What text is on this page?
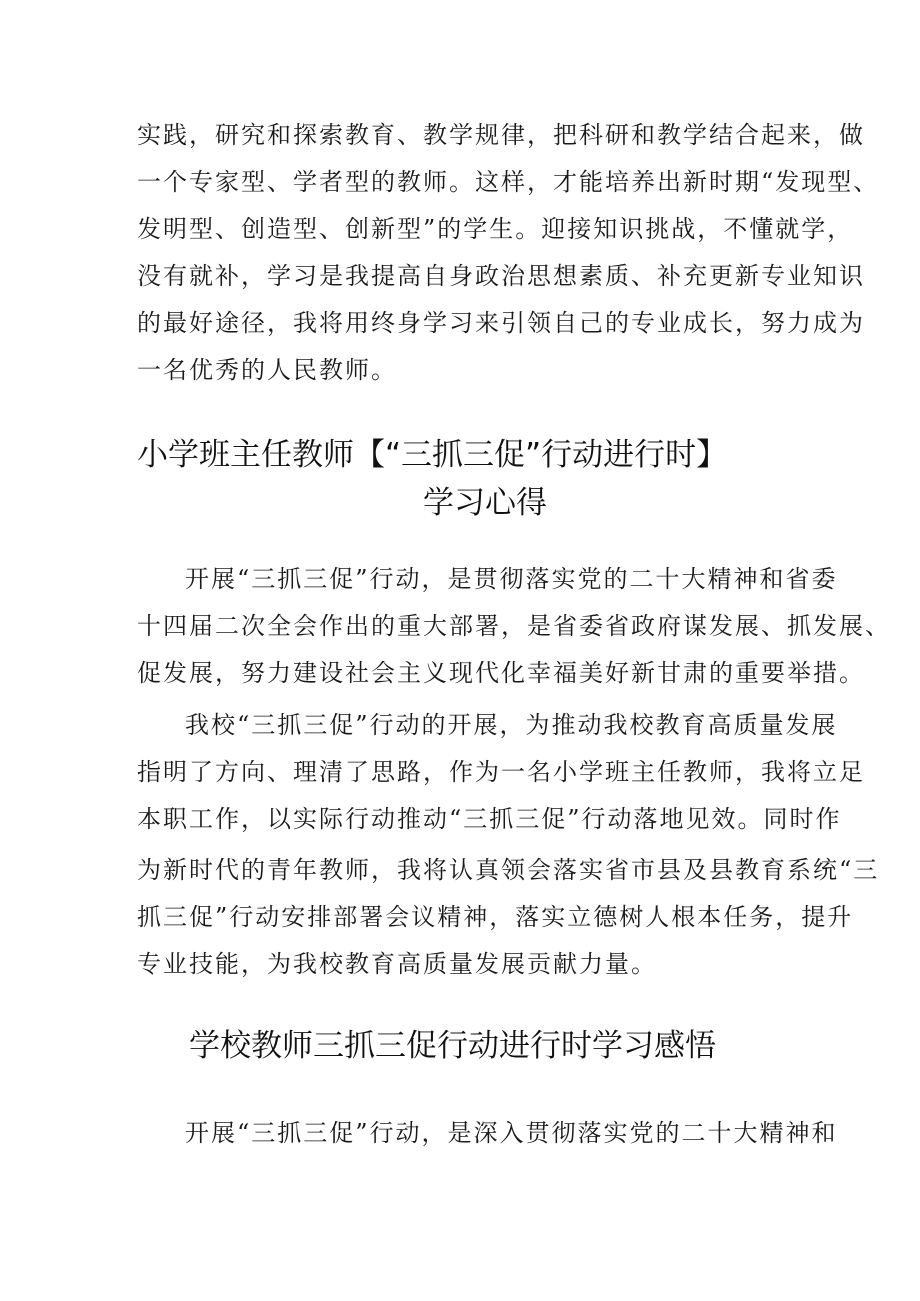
实践，研究和探索教育、教学规律，把科研和教学结合起来，做
一个专家型、学者型的教师。这样，才能培养出新时期“发现型、
发明型、创造型、创新型”的学生。迎接知识挑战，不懂就学，
没有就补，学习是我提高自身政治思想素质、补充更新专业知识
的最好途径，我将用终身学习来引领自己的专业成长，努力成为
一名优秀的人民教师。
小学班主任教师【“三抓三促”行动进行时】
学习心得
开展“三抓三促”行动，是贯彻落实党的二十大精神和省委
十四届二次全会作出的重大部署，是省委省政府谋发展、抓发展、
促发展，努力建设社会主义现代化幸福美好新甘肃的重要举措。
我校“三抓三促”行动的开展，为推动我校教育高质量发展
指明了方向、理清了思路，作为一名小学班主任教师，我将立足
本职工作，以实际行动推动“三抓三促”行动落地见效。同时作
为新时代的青年教师，我将认真领会落实省市县及县教育系统“三
抓三促”行动安排部署会议精神，落实立德树人根本任务，提升
专业技能，为我校教育高质量发展贡献力量。
学校教师三抓三促行动进行时学习感悟
开展“三抓三促”行动，是深入贯彻落实党的二十大精神和
